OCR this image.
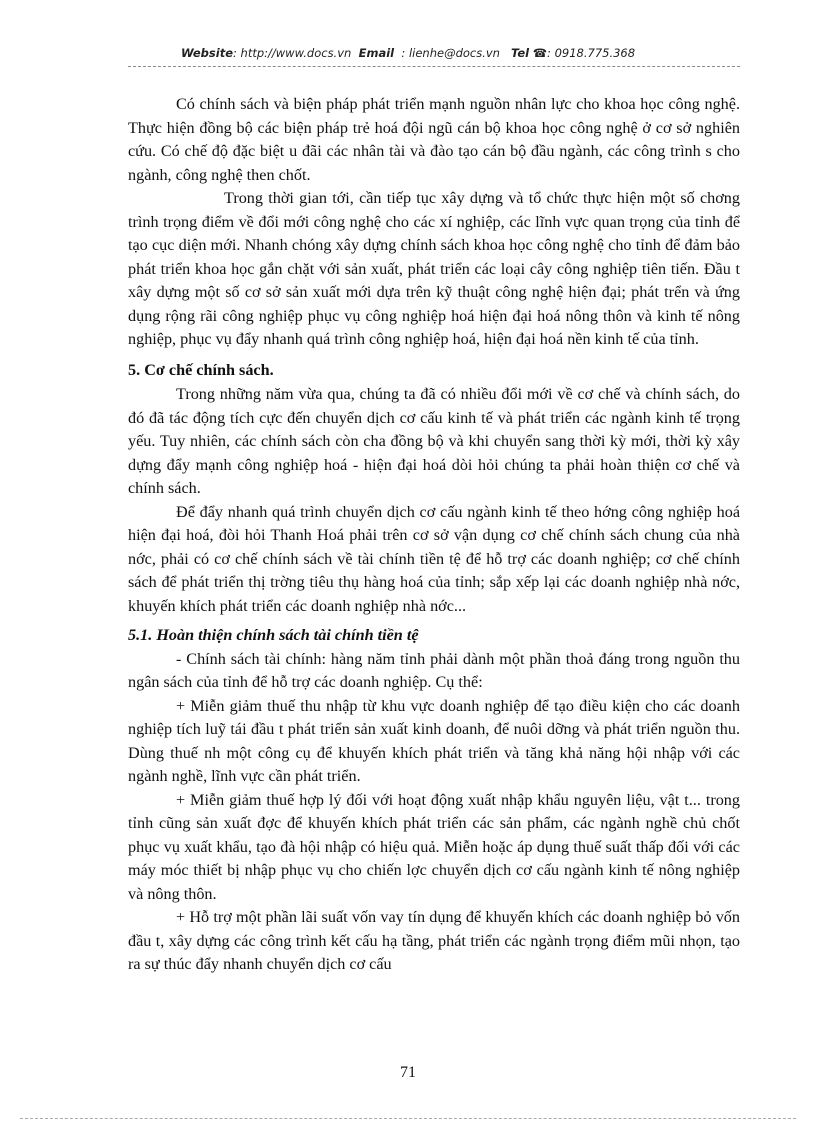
Website: http://www.docs.vn Email : lienhe@docs.vn Tel ☎: 0918.775.368

Có chính sách và biện pháp phát triển mạnh nguồn nhân lực cho khoa học công nghệ. Thực hiện đồng bộ các biện pháp trẻ hoá đội ngũ cán bộ khoa học công nghệ ở cơ sở nghiên cứu. Có chế độ đặc biệt u đãi các nhân tài và đào tạo cán bộ đầu ngành, các công trình s cho ngành, công nghệ then chốt.

Trong thời gian tới, cần tiếp tục xây dựng và tổ chức thực hiện một số chơng trình trọng điểm về đổi mới công nghệ cho các xí nghiệp, các lĩnh vực quan trọng của tỉnh để tạo cục diện mới. Nhanh chóng xây dựng chính sách khoa học công nghệ cho tỉnh để đảm bảo phát triển khoa học gắn chặt với sản xuất, phát triển các loại cây công nghiệp tiên tiến. Đầu t xây dựng một số cơ sở sản xuất mới dựa trên kỹ thuật công nghệ hiện đại; phát trển và ứng dụng rộng rãi công nghiệp phục vụ công nghiệp hoá hiện đại hoá nông thôn và kinh tế nông nghiệp, phục vụ đẩy nhanh quá trình công nghiệp hoá, hiện đại hoá nền kinh tế của tỉnh.

5. Cơ chế chính sách.

Trong những năm vừa qua, chúng ta đã có nhiều đổi mới về cơ chế và chính sách, do đó đã tác động tích cực đến chuyển dịch cơ cấu kinh tế và phát triển các ngành kinh tế trọng yếu. Tuy nhiên, các chính sách còn cha đồng bộ và khi chuyển sang thời kỳ mới, thời kỳ xây dựng đẩy mạnh công nghiệp hoá - hiện đại hoá dòi hỏi chúng ta phải hoàn thiện cơ chế và chính sách.

Để đẩy nhanh quá trình chuyển dịch cơ cấu ngành kinh tế theo hớng công nghiệp hoá hiện đại hoá, đòi hỏi Thanh Hoá phải trên cơ sở vận dụng cơ chế chính sách chung của nhà nớc, phải có cơ chế chính sách về tài chính tiền tệ để hỗ trợ các doanh nghiệp; cơ chế chính sách để phát triển thị trờng tiêu thụ hàng hoá của tỉnh; sắp xếp lại các doanh nghiệp nhà nớc, khuyến khích phát triển các doanh nghiệp nhà nớc...

5.1. Hoàn thiện chính sách tài chính tiền tệ

- Chính sách tài chính: hàng năm tỉnh phải dành một phần thoả đáng trong nguồn thu ngân sách của tỉnh để hỗ trợ các doanh nghiệp. Cụ thể:

+ Miễn giảm thuế thu nhập từ khu vực doanh nghiệp để tạo điều kiện cho các doanh nghiệp tích luỹ tái đầu t phát triển sản xuất kinh doanh, để nuôi dỡng và phát triển nguồn thu. Dùng thuế nh một công cụ để khuyến khích phát triển và tăng khả năng hội nhập với các ngành nghề, lĩnh vực cần phát triển.

+ Miễn giảm thuế hợp lý đối với hoạt động xuất nhập khẩu nguyên liệu, vật t... trong tỉnh cũng sản xuất đợc để khuyến khích phát triển các sản phẩm, các ngành nghề chủ chốt phục vụ xuất khẩu, tạo đà hội nhập có hiệu quả. Miễn hoặc áp dụng thuế suất thấp đối với các máy móc thiết bị nhập phục vụ cho chiến lợc chuyển dịch cơ cấu ngành kinh tế nông nghiệp và nông thôn.

+ Hỗ trợ một phần lãi suất vốn vay tín dụng để khuyến khích các doanh nghiệp bỏ vốn đầu t, xây dựng các công trình kết cấu hạ tầng, phát triển các ngành trọng điểm mũi nhọn, tạo ra sự thúc đẩy nhanh chuyển dịch cơ cấu

71
